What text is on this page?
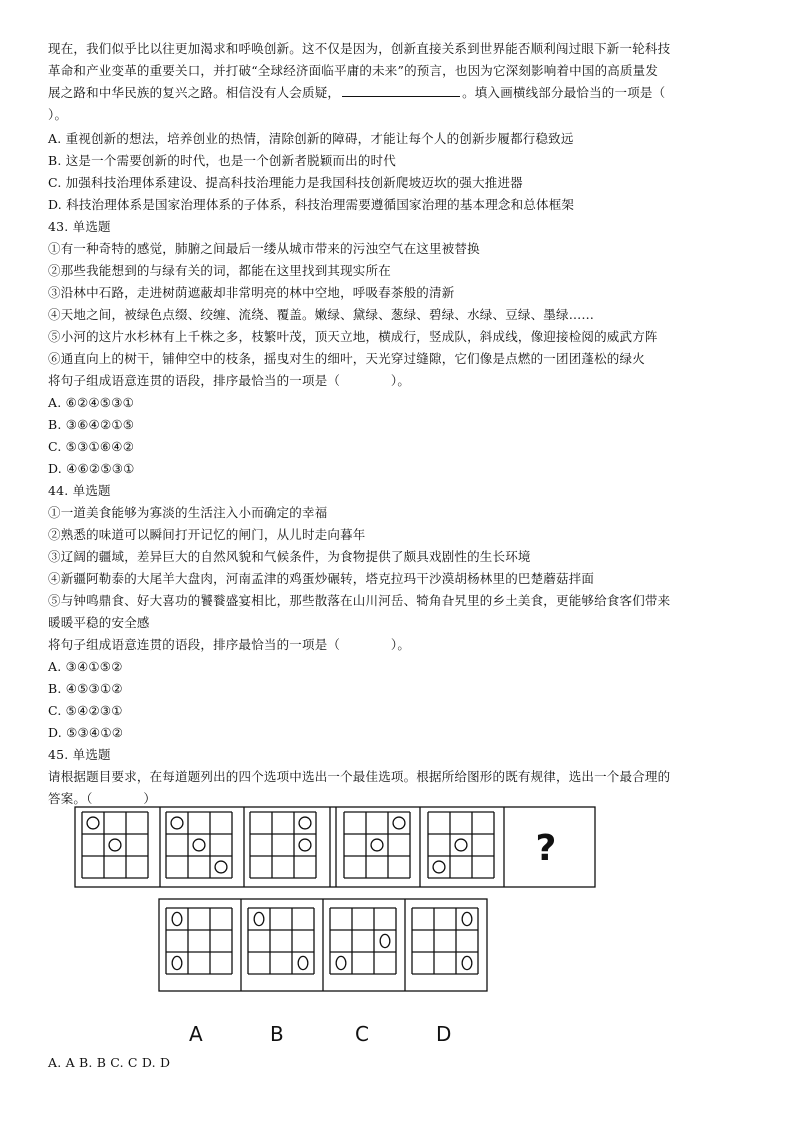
现在，我们似乎比以往更加渴求和呼唤创新。这不仅是因为，创新直接关系到世界能否顺利闯过眼下新一轮科技
革命和产业变革的重要关口，并打破“全球经济面临平庸的未来”的预言，也因为它深刻影响着中国的高质量发
展之路和中华民族的复兴之路。相信没有人会质疑，	。填入画横线部分最恰当的一项是（
）。
A. 重视创新的想法，培养创业的热情，清除创新的障碍，才能让每个人的创新步履都行稳致远
B. 这是一个需要创新的时代，也是一个创新者脱颖而出的时代
C. 加强科技治理体系建设、提高科技治理能力是我国科技创新爬坡迈坎的强大推进器
D. 科技治理体系是国家治理体系的子体系，科技治理需要遵循国家治理的基本理念和总体框架
43. 单选题
①有一种奇特的感觉，肺腑之间最后一缕从城市带来的污浊空气在这里被替换
②那些我能想到的与绿有关的词，都能在这里找到其现实所在
③沿林中石路，走进树荫遮蔽却非常明亮的林中空地，呼吸春茶般的清新
④天地之间，被绿色点缀、绞缠、流绕、覆盖。嫩绿、黛绿、葱绿、碧绿、水绿、豆绿、墨绿……
⑤小河的这片水杉林有上千株之多，枝繁叶茂，顶天立地，横成行，竖成队，斜成线，像迎接检阅的威武方阵
⑥通直向上的树干，铺伸空中的枝条，摇曳对生的细叶，天光穿过缝隙，它们像是点燃的一团团蓬松的绿火
将句子组成语意连贯的语段，排序最恰当的一项是（　　　　）。
A. ⑥②④⑤③①
B. ③⑥④②①⑤
C. ⑤③①⑥④②
D. ④⑥②⑤③①
44. 单选题
①一道美食能够为寡淡的生活注入小而确定的幸福
②熟悉的味道可以瞬间打开记忆的闸门，从儿时走向暮年
③辽阔的疆域，差异巨大的自然风貌和气候条件，为食物提供了颇具戏剧性的生长环境
④新疆阿勒泰的大尾羊大盘肉，河南孟津的鸡蛋炒碾转，塔克拉玛干沙漠胡杨林里的巴楚蘑菇拌面
⑤与钟鸣鼎食、好大喜功的饕餮盛宴相比，那些散落在山川河岳、犄角旮旯里的乡土美食，更能够给食客们带来
暖暖平稳的安全感
将句子组成语意连贯的语段，排序最恰当的一项是（　　　　）。
A. ③④①⑤②
B. ④⑤③①②
C. ⑤④②③①
D. ⑤③④①②
45. 单选题
请根据题目要求，在每道题列出的四个选项中选出一个最佳选项。根据所给图形的既有规律，选出一个最合理的
答案。（　　　　）
?
A	B	C	D
A. A B. B C. C D. D
